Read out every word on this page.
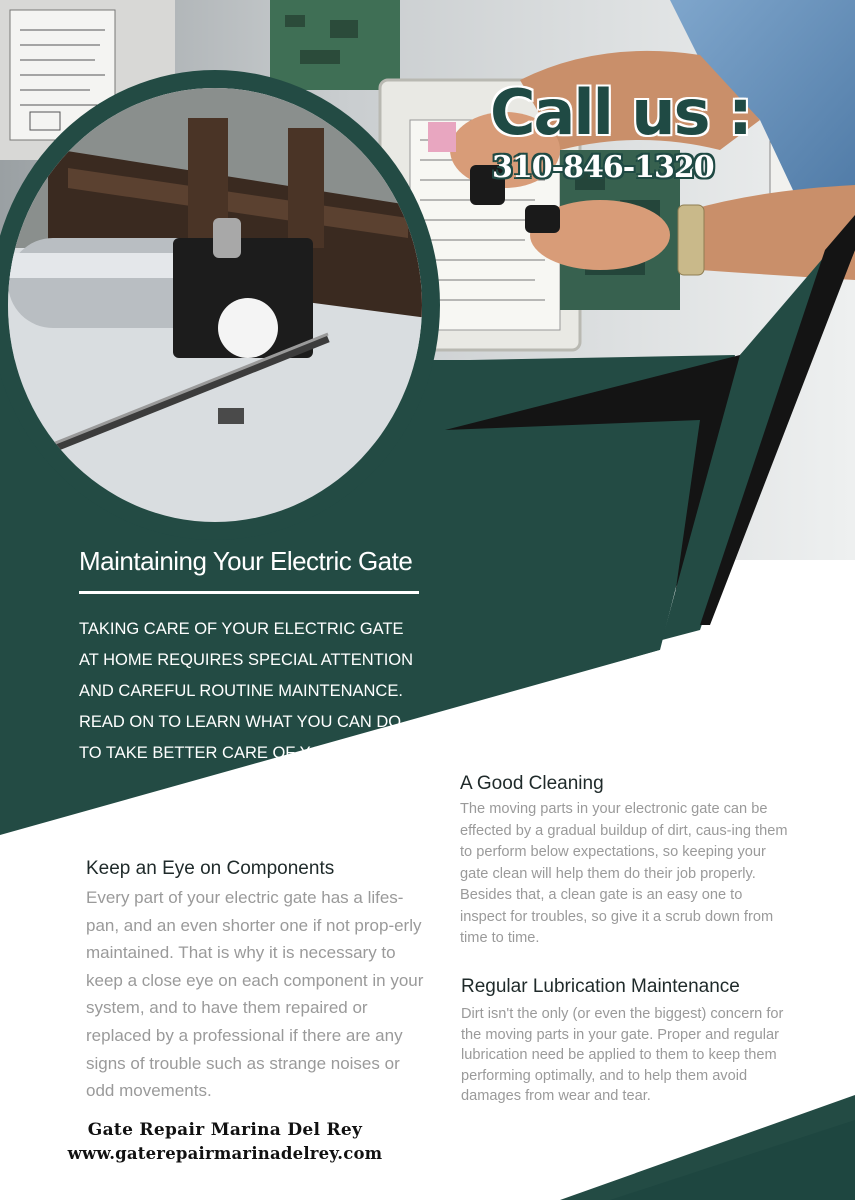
Call us :
310-846-1320
Maintaining Your Electric Gate
TAKING CARE OF YOUR ELECTRIC GATE AT HOME REQUIRES SPECIAL ATTENTION AND CAREFUL ROUTINE MAINTENANCE. READ ON TO LEARN WHAT YOU CAN DO TO TAKE BETTER CARE OF YOUR UNIT.
Keep an Eye on Components

Every part of your electric gate has a lifes-pan, and an even shorter one if not prop-erly maintained. That is why it is necessary to keep a close eye on each component in your system, and to have them repaired or replaced by a professional if there are any signs of trouble such as strange noises or odd movements.

A Good Cleaning

The moving parts in your electronic gate can be effected by a gradual buildup of dirt, caus-ing them to perform below expectations, so keeping your gate clean will help them do their job properly. Besides that, a clean gate is an easy one to inspect for troubles, so give it a scrub down from time to time.

Regular Lubrication Maintenance

Dirt isn't the only (or even the biggest) concern for the moving parts in your gate. Proper and regular lubrication need be applied to them to keep them performing optimally, and to help them avoid damages from wear and tear.

Gate Repair Marina Del Rey
www.gaterepairmarinadelrey.com
